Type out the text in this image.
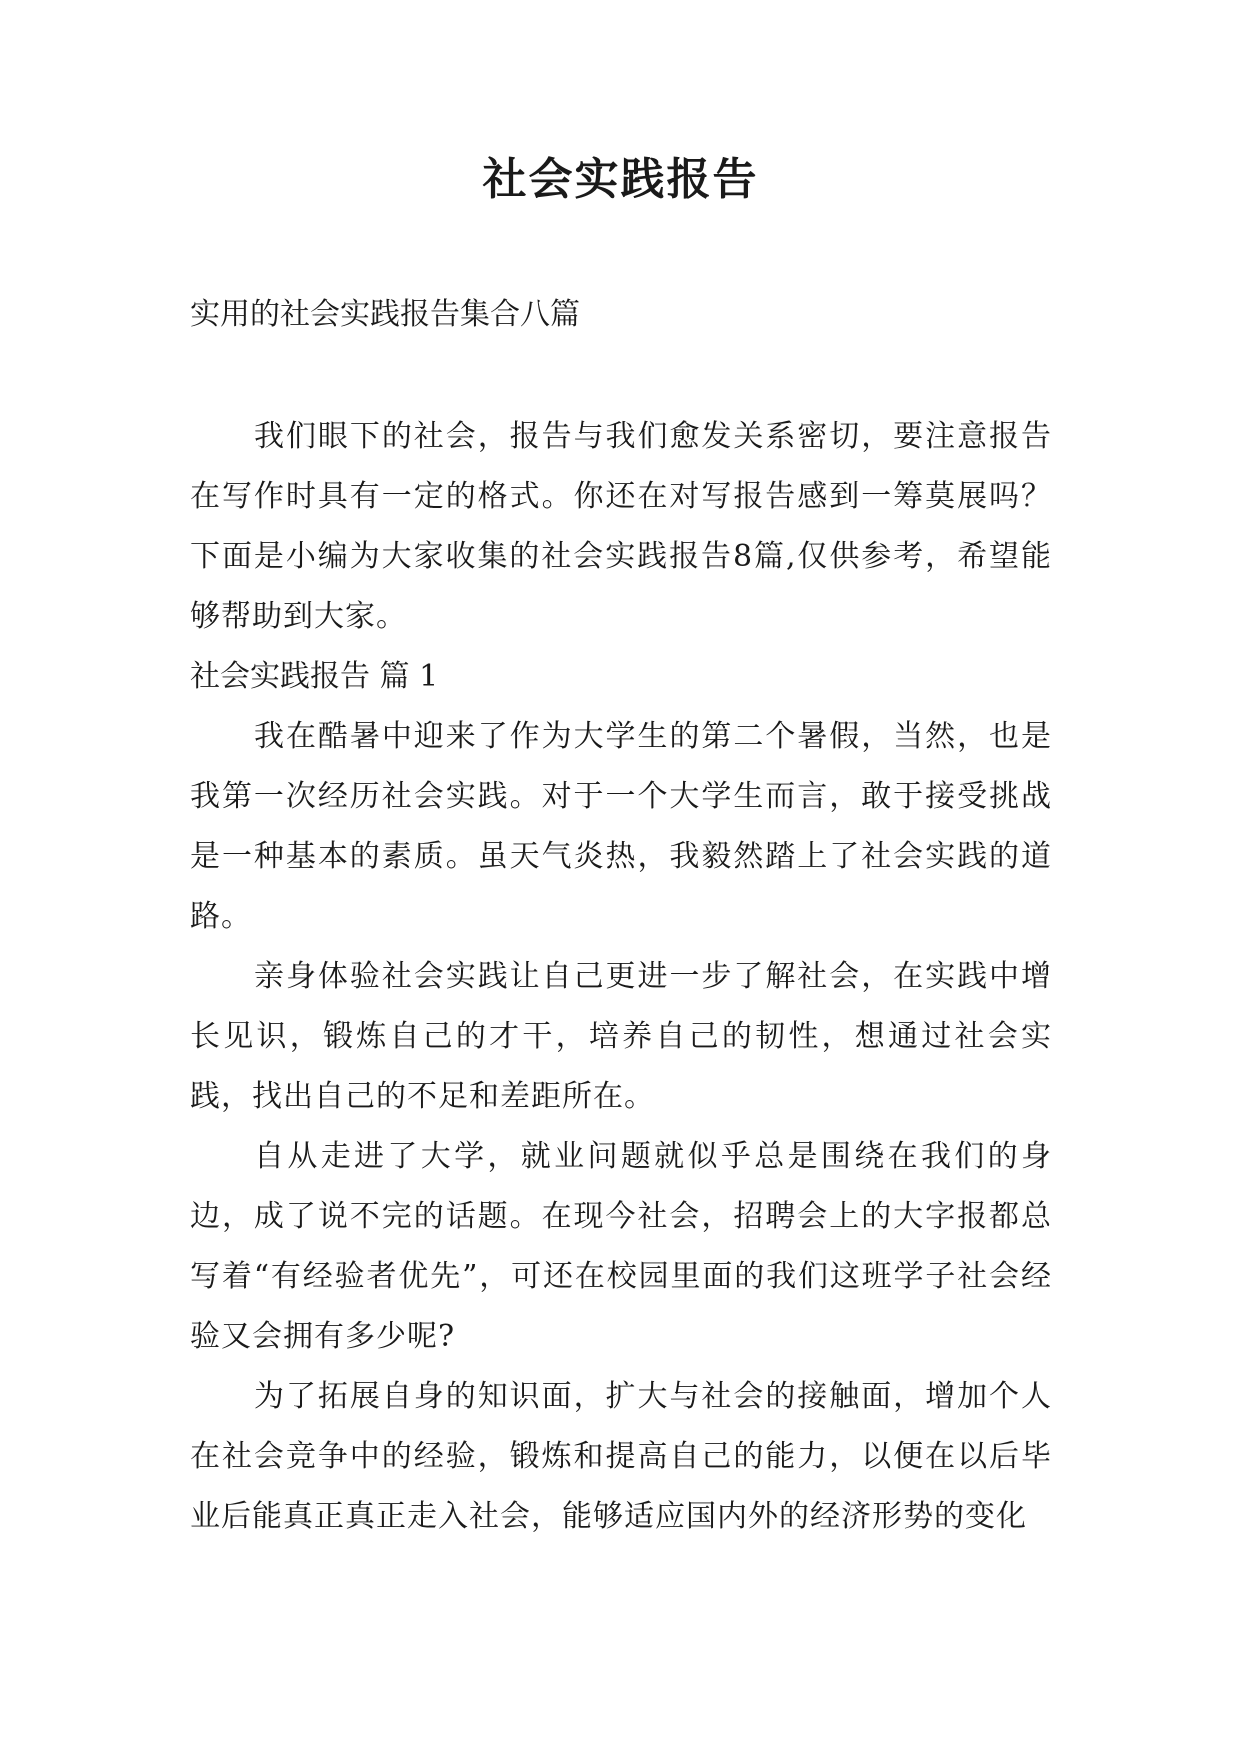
社会实践报告

实用的社会实践报告集合八篇

我们眼下的社会，报告与我们愈发关系密切，要注意报告在写作时具有一定的格式。你还在对写报告感到一筹莫展吗？下面是小编为大家收集的社会实践报告8篇,仅供参考，希望能够帮助到大家。

社会实践报告 篇 1

我在酷暑中迎来了作为大学生的第二个暑假，当然，也是我第一次经历社会实践。对于一个大学生而言，敢于接受挑战是一种基本的素质。虽天气炎热，我毅然踏上了社会实践的道路。

亲身体验社会实践让自己更进一步了解社会，在实践中增长见识，锻炼自己的才干，培养自己的韧性，想通过社会实践，找出自己的不足和差距所在。

自从走进了大学，就业问题就似乎总是围绕在我们的身边，成了说不完的话题。在现今社会，招聘会上的大字报都总写着“有经验者优先”，可还在校园里面的我们这班学子社会经验又会拥有多少呢?

为了拓展自身的知识面，扩大与社会的接触面，增加个人在社会竞争中的经验，锻炼和提高自己的能力，以便在以后毕业后能真正真正走入社会，能够适应国内外的经济形势的变化
